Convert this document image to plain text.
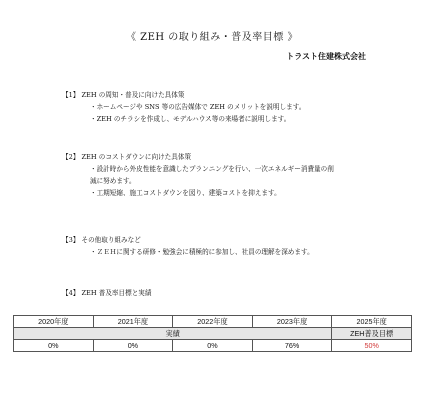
《 ZEH の取り組み・普及率目標 》
トラスト住建株式会社
【1】 ZEH の周知・普及に向けた具体策
・ホームページや SNS 等の広告媒体で ZEH のメリットを説明します。
・ZEH のチラシを作成し、モデルハウス等の来場者に説明します。
【2】 ZEH のコストダウンに向けた具体策
・設計時から外皮性能を意識したプランニングを行い、一次エネルギー消費量の削
減に努めます。
・工期短縮、施工コストダウンを図り、建築コストを抑えます。
【3】 その他取り組みなど
・ＺＥＨに関する研修・勉強会に積極的に参加し、社員の理解を深めます。
【4】 ZEH 普及率目標と実績
2020年度	2021年度	2022年度	2023年度	2025年度
実績				ZEH普及目標
0%	0%	0%	76%	50%
